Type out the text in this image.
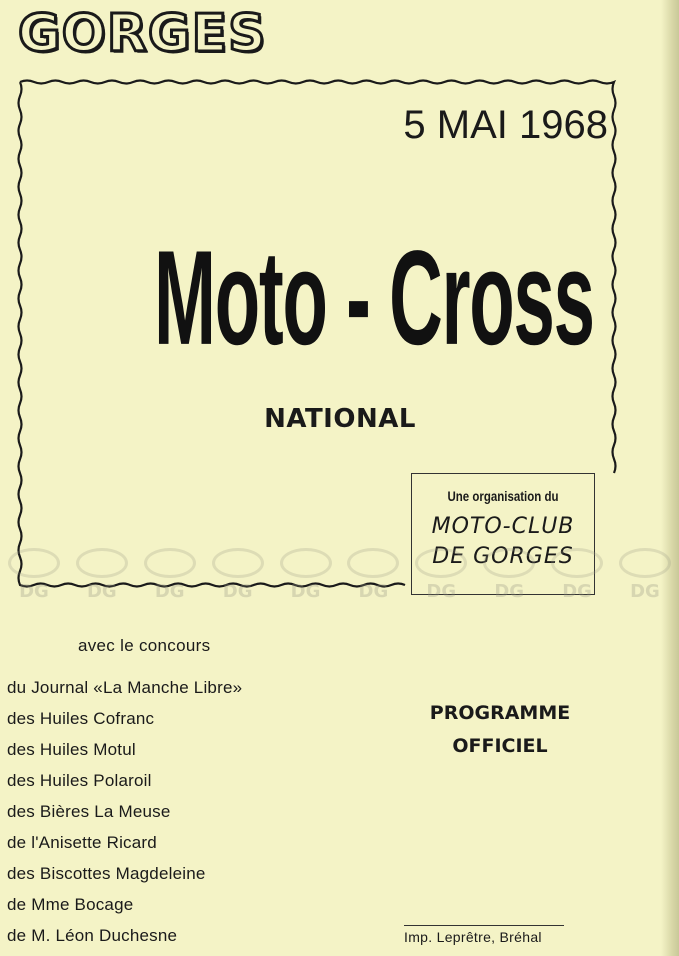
GORGES
5 MAI 1968
Moto - Cross
NATIONAL
Une organisation du
MOTO-CLUB
DE GORGES
DG	DG	DG	DG	DG	DG	DG	DG	DG	DG
avec le concours
du Journal «La Manche Libre»
des Huiles Cofranc
des Huiles Motul
des Huiles Polaroil
des Bières La Meuse
de l'Anisette Ricard
des Biscottes Magdeleine
de Mme Bocage
de M. Léon Duchesne
PROGRAMME
OFFICIEL
Imp. Leprêtre, Bréhal
